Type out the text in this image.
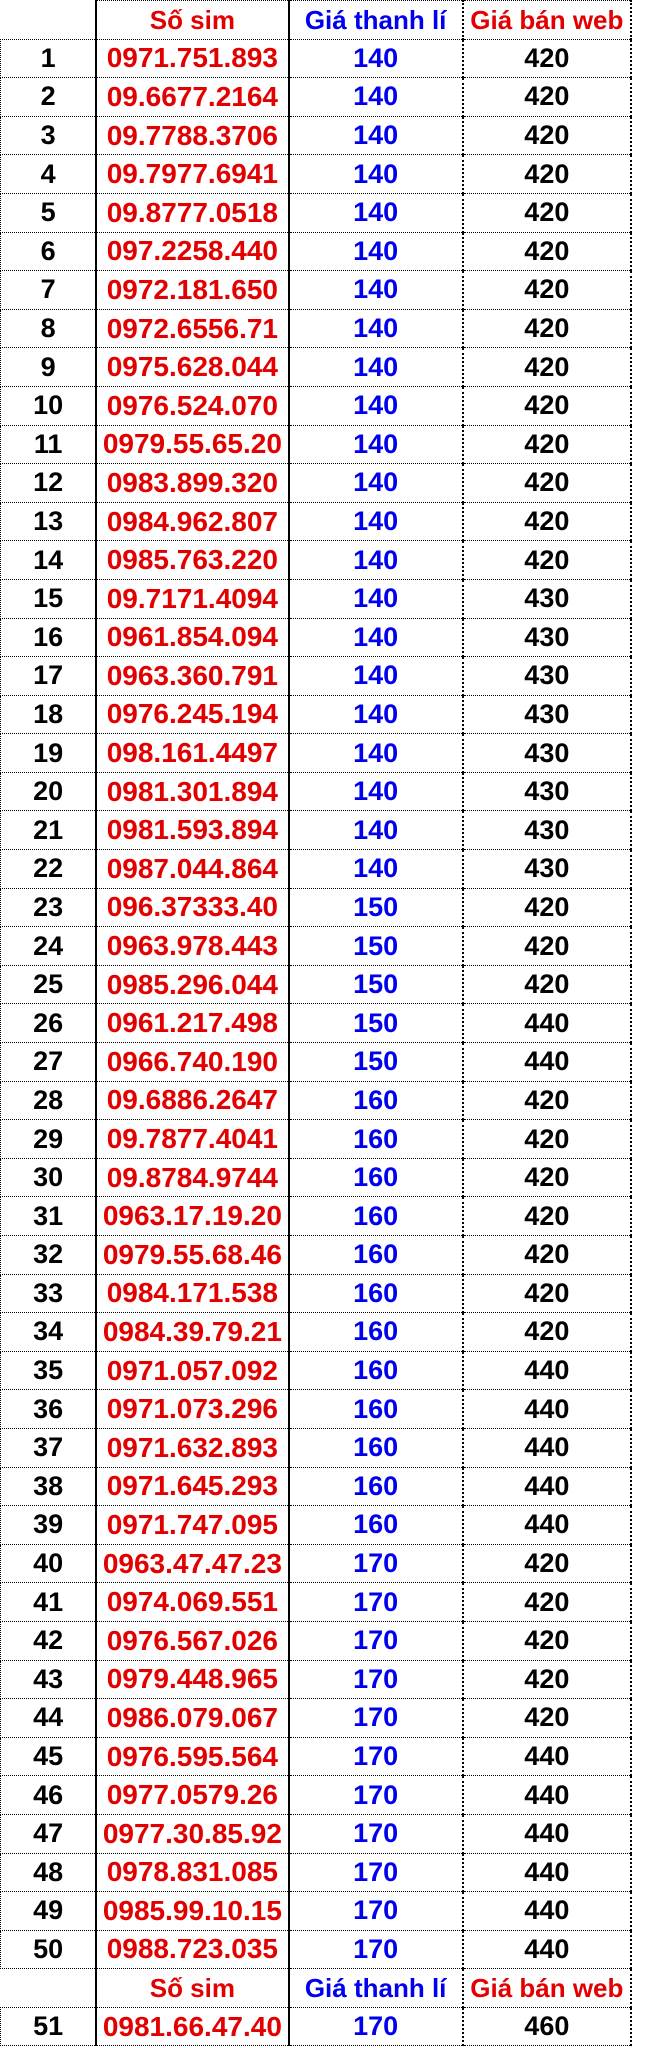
	Số sim	Giá thanh lí	Giá bán web	
1	0971.751.893	140	420	
2	09.6677.2164	140	420	
3	09.7788.3706	140	420	
4	09.7977.6941	140	420	
5	09.8777.0518	140	420	
6	097.2258.440	140	420	
7	0972.181.650	140	420	
8	0972.6556.71	140	420	
9	0975.628.044	140	420	
10	0976.524.070	140	420	
11	0979.55.65.20	140	420	
12	0983.899.320	140	420	
13	0984.962.807	140	420	
14	0985.763.220	140	420	
15	09.7171.4094	140	430	
16	0961.854.094	140	430	
17	0963.360.791	140	430	
18	0976.245.194	140	430	
19	098.161.4497	140	430	
20	0981.301.894	140	430	
21	0981.593.894	140	430	
22	0987.044.864	140	430	
23	096.37333.40	150	420	
24	0963.978.443	150	420	
25	0985.296.044	150	420	
26	0961.217.498	150	440	
27	0966.740.190	150	440	
28	09.6886.2647	160	420	
29	09.7877.4041	160	420	
30	09.8784.9744	160	420	
31	0963.17.19.20	160	420	
32	0979.55.68.46	160	420	
33	0984.171.538	160	420	
34	0984.39.79.21	160	420	
35	0971.057.092	160	440	
36	0971.073.296	160	440	
37	0971.632.893	160	440	
38	0971.645.293	160	440	
39	0971.747.095	160	440	
40	0963.47.47.23	170	420	
41	0974.069.551	170	420	
42	0976.567.026	170	420	
43	0979.448.965	170	420	
44	0986.079.067	170	420	
45	0976.595.564	170	440	
46	0977.0579.26	170	440	
47	0977.30.85.92	170	440	
48	0978.831.085	170	440	
49	0985.99.10.15	170	440	
50	0988.723.035	170	440	
	Số sim	Giá thanh lí	Giá bán web	
51	0981.66.47.40	170	460	
